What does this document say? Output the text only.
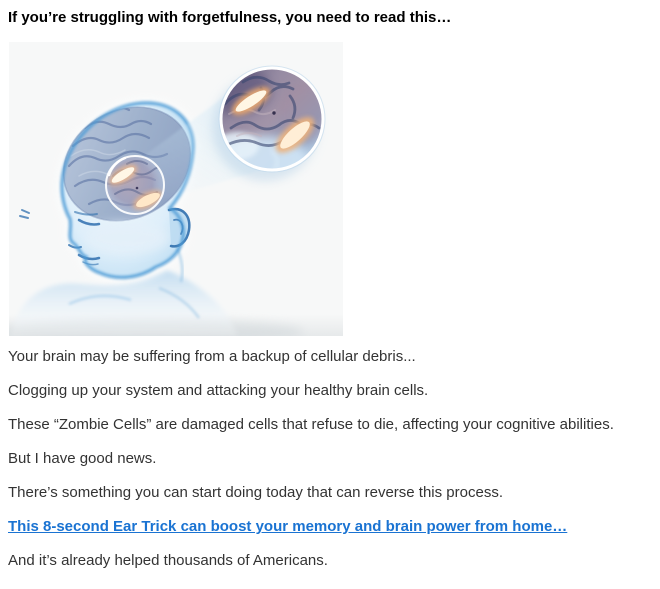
If you’re struggling with forgetfulness, you need to read this…

Your brain may be suffering from a backup of cellular debris...

Clogging up your system and attacking your healthy brain cells.

These “Zombie Cells” are damaged cells that refuse to die, affecting your cognitive abilities.

But I have good news.

There’s something you can start doing today that can reverse this process.

This 8-second Ear Trick can boost your memory and brain power from home…

And it’s already helped thousands of Americans.
